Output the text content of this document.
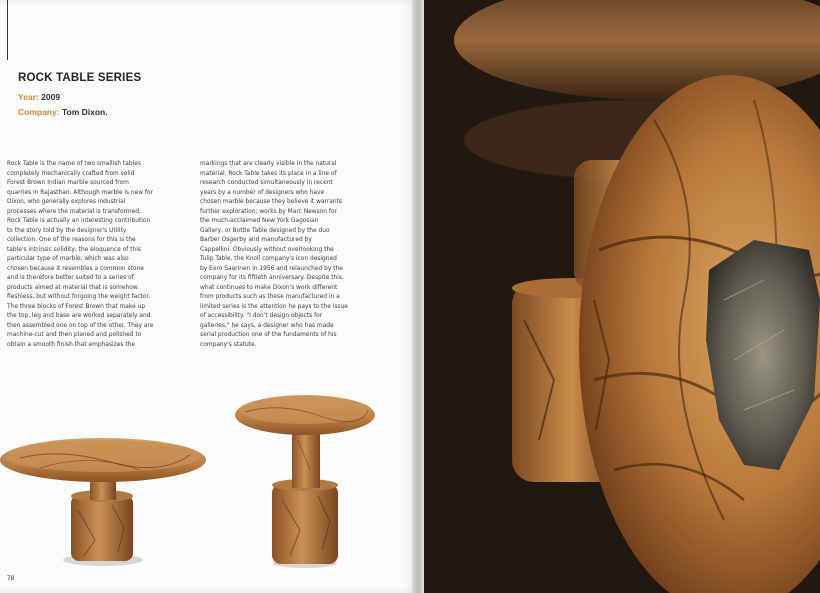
ROCK TABLE SERIES
Year: 2009
Company: Tom Dixon.
Rock Table is the name of two smallish tables
completely mechanically crafted from solid
Forest Brown Indian marble sourced from
quarries in Rajasthan. Although marble is new for
Dixon, who generally explores industrial
processes where the material is transformed,
Rock Table is actually an interesting contribution
to the story told by the designer's Utility
collection. One of the reasons for this is the
table's intrinsic solidity, the eloquence of this
particular type of marble, which was also
chosen because it resembles a common stone
and is therefore better suited to a series of
products aimed at material that is somehow
fleshless, but without forgoing the weight factor.
The three blocks of Forest Brown that make up
the top, leg and base are worked separately and
then assembled one on top of the other. They are
machine-cut and then planed and polished to
obtain a smooth finish that emphasizes the
markings that are clearly visible in the natural
material. Rock Table takes its place in a line of
research conducted simultaneously in recent
years by a number of designers who have
chosen marble because they believe it warrants
further exploration; works by Marc Newson for
the much-acclaimed New York Gagosian
Gallery, or Bottle Table designed by the duo
Barber Osgerby and manufactured by
Cappellini. Obviously without overlooking the
Tulip Table, the Knoll company's icon designed
by Eero Saarinen in 1956 and relaunched by the
company for its fiftieth anniversary. Despite this,
what continues to make Dixon's work different
from products such as these manufactured in a
limited series is the attention he pays to the issue
of accessibility. "I don't design objects for
galleries," he says, a designer who has made
serial production one of the fundaments of his
company's statute.
78
